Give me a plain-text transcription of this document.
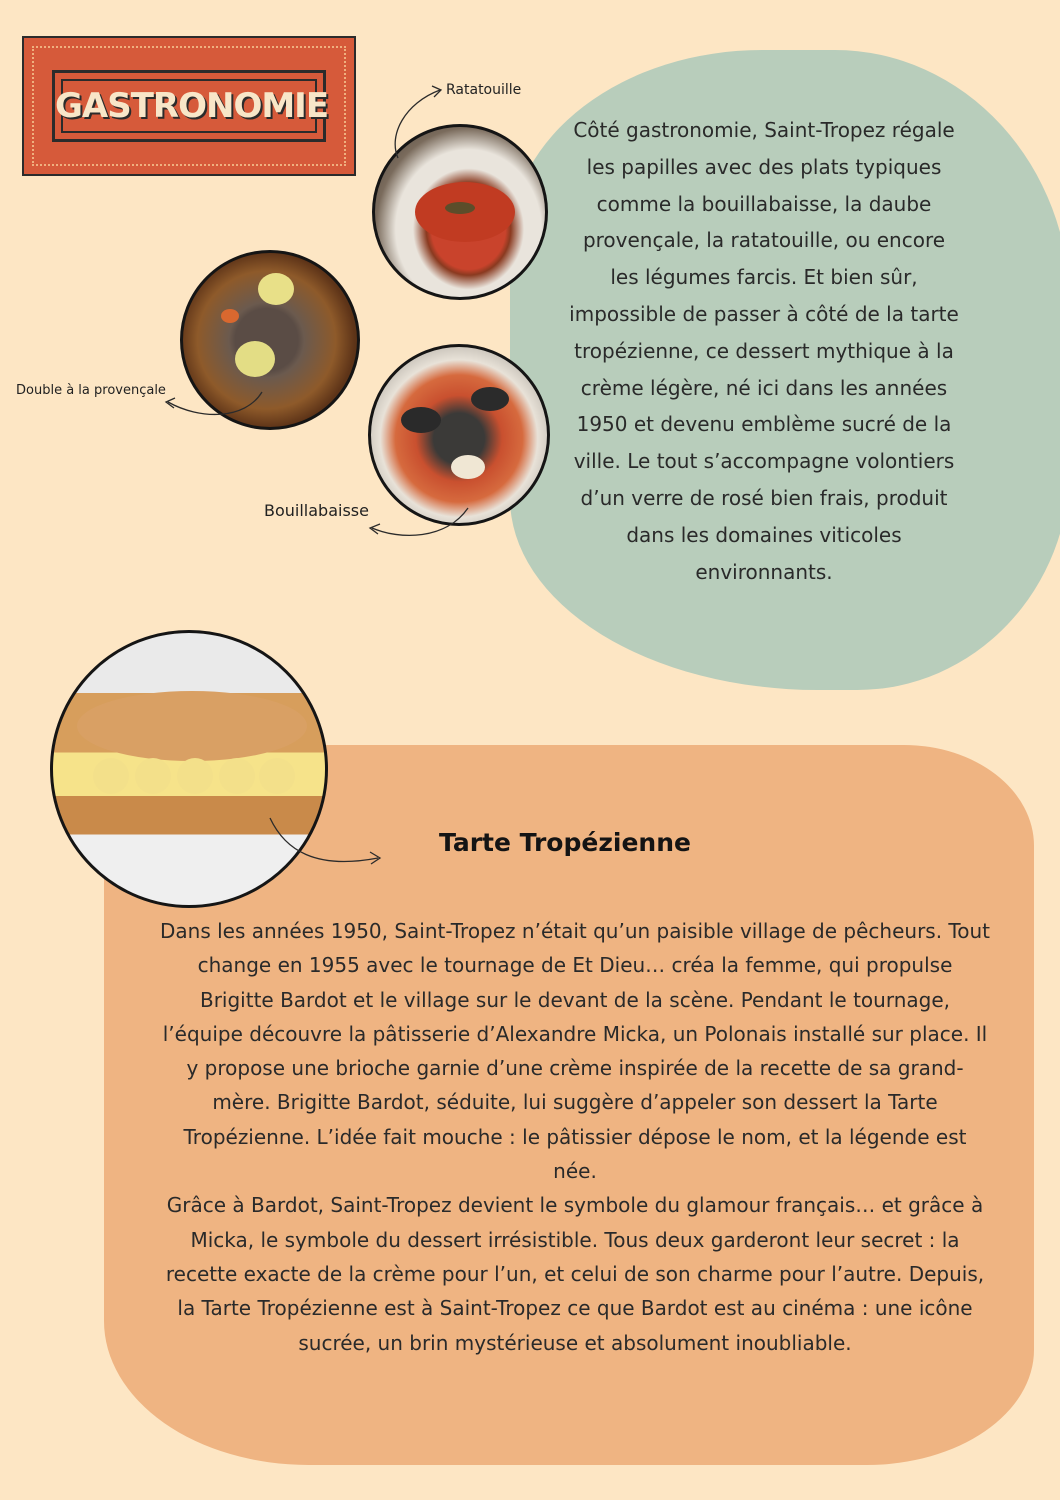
GASTRONOMIE
Côté gastronomie, Saint-Tropez régale les papilles avec des plats typiques comme la bouillabaisse, la daube provençale, la ratatouille, ou encore les légumes farcis. Et bien sûr, impossible de passer à côté de la tarte tropézienne, ce dessert mythique à la crème légère, né ici dans les années 1950 et devenu emblème sucré de la ville. Le tout s’accompagne volontiers d’un verre de rosé bien frais, produit dans les domaines viticoles environnants.
Ratatouille
Double à la provençale
Bouillabaisse
Tarte Tropézienne

Dans les années 1950, Saint-Tropez n’était qu’un paisible village de pêcheurs. Tout change en 1955 avec le tournage de Et Dieu… créa la femme, qui propulse Brigitte Bardot et le village sur le devant de la scène. Pendant le tournage, l’équipe découvre la pâtisserie d’Alexandre Micka, un Polonais installé sur place. Il y propose une brioche garnie d’une crème inspirée de la recette de sa grand-mère. Brigitte Bardot, séduite, lui suggère d’appeler son dessert la Tarte Tropézienne. L’idée fait mouche : le pâtissier dépose le nom, et la légende est née.

Grâce à Bardot, Saint-Tropez devient le symbole du glamour français… et grâce à Micka, le symbole du dessert irrésistible. Tous deux garderont leur secret : la recette exacte de la crème pour l’un, et celui de son charme pour l’autre. Depuis, la Tarte Tropézienne est à Saint-Tropez ce que Bardot est au cinéma : une icône sucrée, un brin mystérieuse et absolument inoubliable.
